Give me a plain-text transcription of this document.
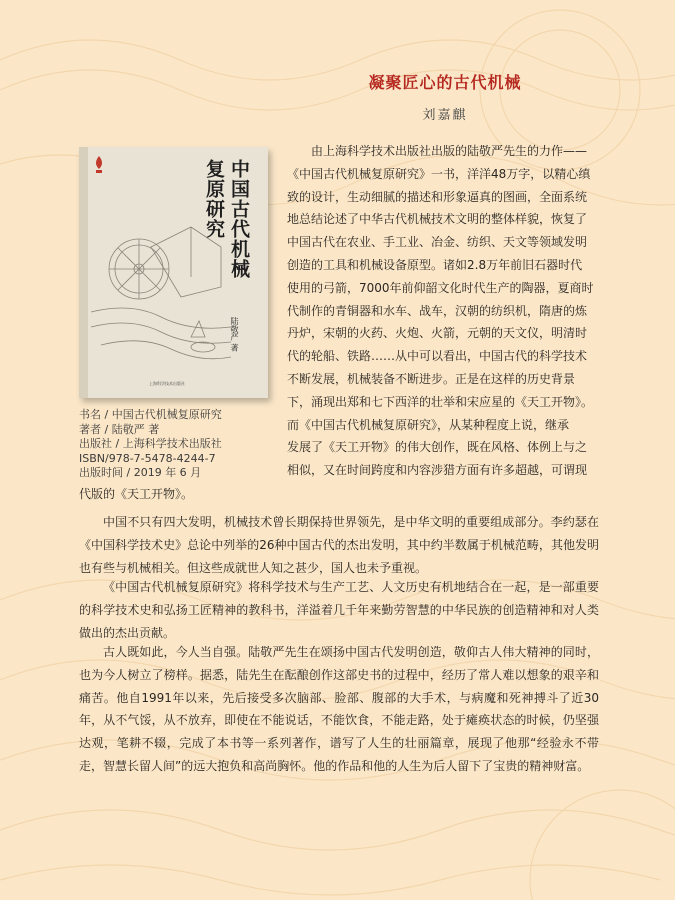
凝聚匠心的古代机械

刘嘉麒

中国古代机械
复原研究
陆敬严 著
上海科学技术出版社
书名 / 中国古代机械复原研究
著者 / 陆敬严 著
出版社 / 上海科学技术出版社
ISBN/978-7-5478-4244-7
出版时间 / 2019 年 6 月

　　由上海科学技术出版社出版的陆敬严先生的力作——
《中国古代机械复原研究》一书，洋洋48万字，以精心缜
致的设计，生动细腻的描述和形象逼真的图画，全面系统
地总结论述了中华古代机械技术文明的整体样貌，恢复了
中国古代在农业、手工业、冶金、纺织、天文等领域发明
创造的工具和机械设备原型。诸如2.8万年前旧石器时代
使用的弓箭，7000年前仰韶文化时代生产的陶器，夏商时
代制作的青铜器和水车、战车，汉朝的纺织机，隋唐的炼
丹炉，宋朝的火药、火炮、火箭，元朝的天文仪，明清时
代的轮船、铁路……从中可以看出，中国古代的科学技术
不断发展，机械装备不断进步。正是在这样的历史背景
下，涌现出郑和七下西洋的壮举和宋应星的《天工开物》。
而《中国古代机械复原研究》，从某种程度上说，继承
发展了《天工开物》的伟大创作，既在风格、体例上与之
相似，又在时间跨度和内容涉猎方面有许多超越，可谓现

代版的《天工开物》。

中国不只有四大发明，机械技术曾长期保持世界领先，是中华文明的重要组成部分。李约瑟在《中国科学技术史》总论中列举的26种中国古代的杰出发明，其中约半数属于机械范畴，其他发明也有些与机械相关。但这些成就世人知之甚少，国人也未予重视。

《中国古代机械复原研究》将科学技术与生产工艺、人文历史有机地结合在一起，是一部重要的科学技术史和弘扬工匠精神的教科书，洋溢着几千年来勤劳智慧的中华民族的创造精神和对人类做出的杰出贡献。

古人既如此，今人当自强。陆敬严先生在颂扬中国古代发明创造，敬仰古人伟大精神的同时，也为今人树立了榜样。据悉，陆先生在酝酿创作这部史书的过程中，经历了常人难以想象的艰辛和痛苦。他自1991年以来，先后接受多次脑部、脸部、腹部的大手术，与病魔和死神搏斗了近30年，从不气馁，从不放弃，即使在不能说话，不能饮食，不能走路，处于瘫痪状态的时候，仍坚强达观，笔耕不辍，完成了本书等一系列著作，谱写了人生的壮丽篇章，展现了他那“经验永不带走，智慧长留人间”的远大抱负和高尚胸怀。他的作品和他的人生为后人留下了宝贵的精神财富。
